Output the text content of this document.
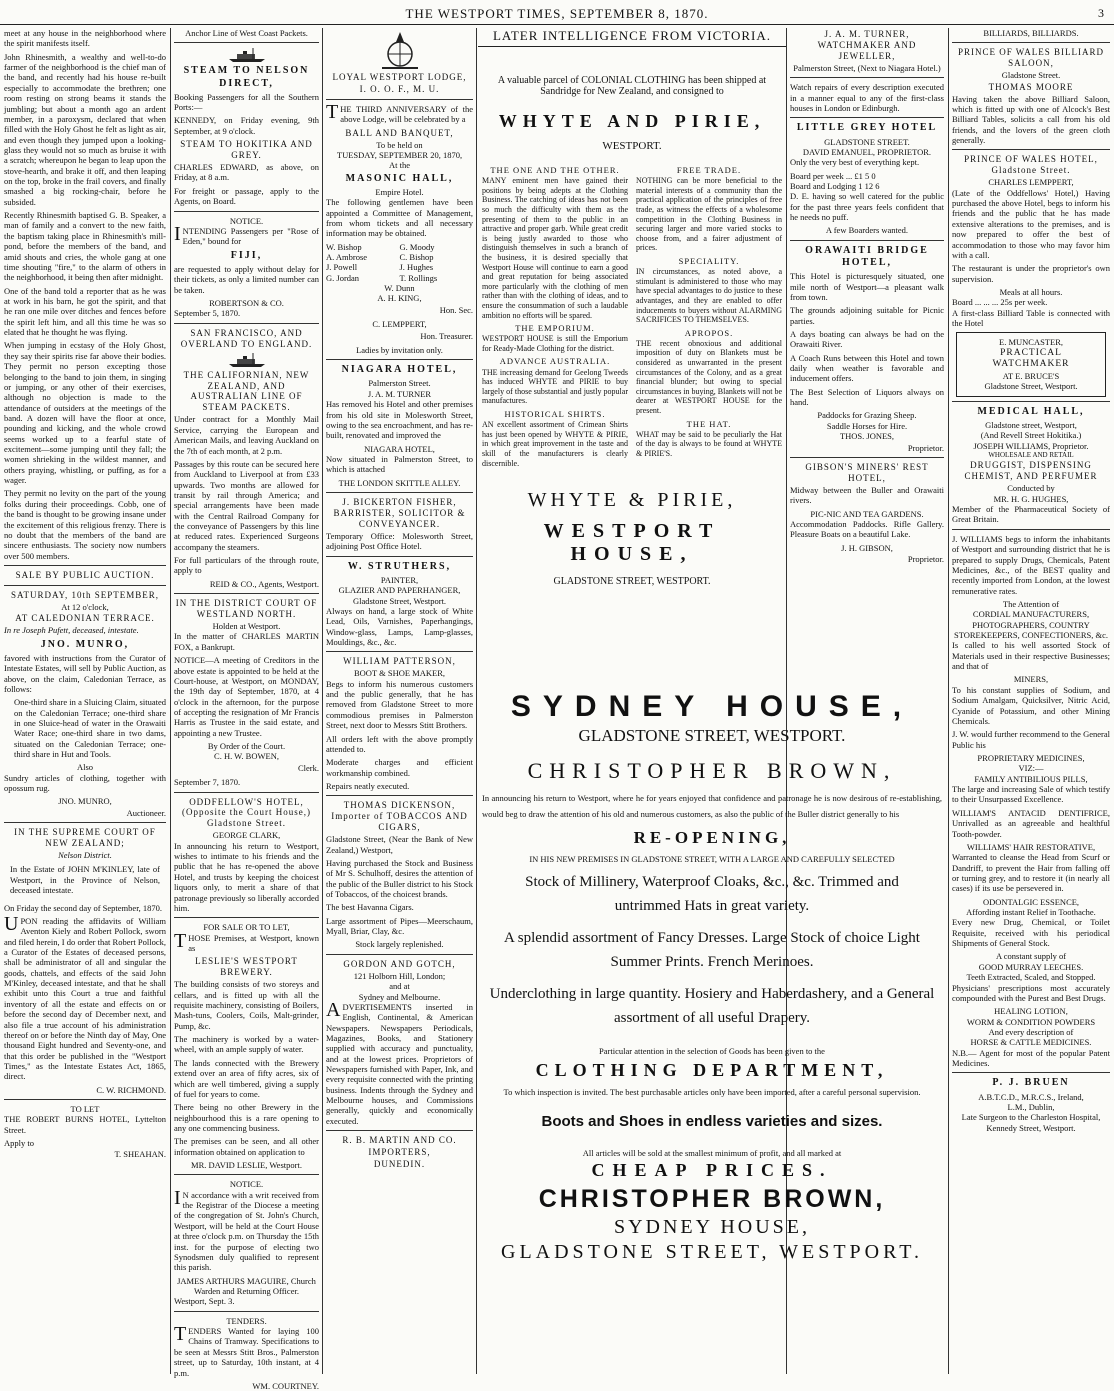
THE WESTPORT TIMES, SEPTEMBER 8, 1870.	3

meet at any house in the neighborhood where the spirit manifests itself.

John Rhinesmith, a wealthy and well-to-do farmer of the neighborhood is the chief man of the band, and recently had his house re-built especially to accommodate the brethren; one room resting on strong beams it stands the jumbling; but about a month ago an ardent member, in a paroxysm, declared that when filled with the Holy Ghost he felt as light as air, and even though they jumped upon a looking-glass they would not so much as bruise it with a scratch; whereupon he began to leap upon the stove-hearth, and brake it off, and then leaping on the top, broke in the frail covers, and finally smashed a big rocking-chair, before he subsided.

Recently Rhinesmith baptised G. B. Speaker, a man of family and a convert to the new faith, the baptism taking place in Rhinesmith's mill-pond, before the members of the band, and amid shouts and cries, the whole gang at one time shouting "fire," to the alarm of others in the neighborhood, it being then after midnight.

One of the band told a reporter that as he was at work in his barn, he got the spirit, and that he ran one mile over ditches and fences before the spirit left him, and all this time he was so elated that he thought he was flying.

When jumping in ecstasy of the Holy Ghost, they say their spirits rise far above their bodies. They permit no person excepting those belonging to the band to join them, in singing or jumping, or any other of their exercises, although no objection is made to the attendance of outsiders at the meetings of the band. A dozen will have the floor at once, pounding and kicking, and the whole crowd seems worked up to a fearful state of excitement—some jumping until they fall; the women shrieking in the wildest manner, and others praying, whistling, or puffing, as for a wager.

They permit no levity on the part of the young folks during their proceedings. Cobb, one of the band is thought to be growing insane under the excitement of this religious frenzy. There is no doubt that the members of the band are sincere enthusiasts. The society now numbers over 500 members.

SALE BY PUBLIC AUCTION.
SATURDAY, 10th SEPTEMBER,
At 12 o'clock,
AT CALEDONIAN TERRACE.

In re Joseph Pufett, deceased, intestate.

JNO. MUNRO,

favored with instructions from the Curator of Intestate Estates, will sell by Public Auction, as above, on the claim, Caledonian Terrace, as follows:

One-third share in a Sluicing Claim, situated on the Caledonian Terrace; one-third share in one Sluice-head of water in the Orawaiti Water Race; one-third share in two dams, situated on the Caledonian Terrace; one-third share in Hut and Tools.

Also

Sundry articles of clothing, together with opossum rug.

JNO. MUNRO,
Auctioneer.
IN THE SUPREME COURT OF NEW ZEALAND;
Nelson District.

In the Estate of JOHN M'KINLEY, late of Westport, in the Province of Nelson, deceased intestate.

On Friday the second day of September, 1870.

UPON reading the affidavits of William Aventon Kiely and Robert Pollock, sworn and filed herein, I do order that Robert Pollock, a Curator of the Estates of deceased persons, shall be administrator of all and singular the goods, chattels, and effects of the said John M'Kinley, deceased intestate, and that he shall exhibit unto this Court a true and faithful inventory of all the estate and effects on or before the second day of December next, and also file a true account of his administration thereof on or before the Ninth day of May, One thousand Eight hundred and Seventy-one, and that this order be published in the "Westport Times," as the Intestate Estates Act, 1865, direct.

C. W. RICHMOND.
TO LET

THE ROBERT BURNS HOTEL, Lyttelton Street.

Apply to
T. SHEAHAN.
Anchor Line of West Coast Packets.
STEAM TO NELSON DIRECT,

Booking Passengers for all the Southern Ports:—

KENNEDY, on Friday evening, 9th September, at 9 o'clock.

STEAM TO HOKITIKA AND GREY.

CHARLES EDWARD, as above, on Friday, at 8 a.m.

For freight or passage, apply to the Agents, on Board.

NOTICE.

INTENDING Passengers per "Rose of Eden," bound for

FIJI,

are requested to apply without delay for their tickets, as only a limited number can be taken.

ROBERTSON & CO.
September 5, 1870.
SAN FRANCISCO, AND OVERLAND TO ENGLAND.
THE CALIFORNIAN, NEW ZEALAND, AND AUSTRALIAN LINE OF STEAM PACKETS.

Under contract for a Monthly Mail Service, carrying the European and American Mails, and leaving Auckland on the 7th of each month, at 2 p.m.

Passages by this route can be secured here from Auckland to Liverpool at from £33 upwards. Two months are allowed for transit by rail through America; and special arrangements have been made with the Central Railroad Company for the conveyance of Passengers by this line at reduced rates. Experienced Surgeons accompany the steamers.

For full particulars of the through route, apply to

REID & CO., Agents, Westport.
IN THE DISTRICT COURT OF WESTLAND NORTH.
Holden at Westport.

In the matter of CHARLES MARTIN FOX, a Bankrupt.

NOTICE—A meeting of Creditors in the above estate is appointed to be held at the Court-house, at Westport, on MONDAY, the 19th day of September, 1870, at 4 o'clock in the afternoon, for the purpose of accepting the resignation of Mr Francis Harris as Trustee in the said estate, and appointing a new Trustee.

By Order of the Court.
C. H. W. BOWEN,
Clerk.
September 7, 1870.
ODDFELLOW'S HOTEL, (Opposite the Court House,) Gladstone Street.
GEORGE CLARK,

In announcing his return to Westport, wishes to intimate to his friends and the public that he has re-opened the above Hotel, and trusts by keeping the choicest liquors only, to merit a share of that patronage previously so liberally accorded him.

FOR SALE OR TO LET,

THOSE Premises, at Westport, known as

LESLIE'S WESTPORT BREWERY.

The building consists of two storeys and cellars, and is fitted up with all the requisite machinery, consisting of Boilers, Mash-tuns, Coolers, Coils, Malt-grinder, Pump, &c.

The machinery is worked by a water-wheel, with an ample supply of water.

The lands connected with the Brewery extend over an area of fifty acres, six of which are well timbered, giving a supply of fuel for years to come.

There being no other Brewery in the neighbourhood this is a rare opening to any one commencing business.

The premises can be seen, and all other information obtained on application to

MR. DAVID LESLIE, Westport.
NOTICE.

IN accordance with a writ received from the Registrar of the Diocese a meeting of the congregation of St. John's Church, Westport, will be held at the Court House at three o'clock p.m. on Thursday the 15th inst. for the purpose of electing two Synodsmen duly qualified to represent this parish.

JAMES ARTHURS MAGUIRE, Church Warden and Returning Officer.
Westport, Sept. 3.
TENDERS.

TENDERS Wanted for laying 100 Chains of Tramway. Specifications to be seen at Messrs Stitt Bros., Palmerston street, up to Saturday, 10th instant, at 4 p.m.

WM. COURTNEY.
LOYAL WESTPORT LODGE,
I. O. O. F., M. U.

THE THIRD ANNIVERSARY of the above Lodge, will be celebrated by a

BALL AND BANQUET,
To be held on
TUESDAY, SEPTEMBER 20, 1870,
At the
MASONIC HALL,
Empire Hotel.

The following gentlemen have been appointed a Committee of Management, from whom tickets and all necessary information may be obtained.

W. Bishop	G. Moody
A. Ambrose	C. Bishop
J. Powell	J. Hughes
G. Jordan	T. Rollings
W. Dunn
A. H. KING,
Hon. Sec.
C. LEMPPERT,
Hon. Treasurer.
Ladies by invitation only.
NIAGARA HOTEL,
Palmerston Street.
J. A. M. TURNER

Has removed his Hotel and other premises from his old site in Molesworth Street, owing to the sea encroachment, and has re-built, renovated and improved the

NIAGARA HOTEL,

Now situated in Palmerston Street, to which is attached

THE LONDON SKITTLE ALLEY.
J. BICKERTON FISHER, BARRISTER, SOLICITOR & CONVEYANCER.

Temporary Office: Molesworth Street, adjoining Post Office Hotel.

W. STRUTHERS,
PAINTER,
GLAZIER AND PAPERHANGER,
Gladstone Street, Westport.

Always on hand, a large stock of White Lead, Oils, Varnishes, Paperhangings, Window-glass, Lamps, Lamp-glasses, Mouldings, &c., &c.

WILLIAM PATTERSON,
BOOT & SHOE MAKER,

Begs to inform his numerous customers and the public generally, that he has removed from Gladstone Street to more commodious premises in Palmerston Street, next door to Messrs Stitt Brothers.

All orders left with the above promptly attended to.

Moderate charges and efficient workmanship combined.

Repairs neatly executed.

THOMAS DICKENSON, Importer of TOBACCOS AND CIGARS,

Gladstone Street, (Near the Bank of New Zealand,) Westport,

Having purchased the Stock and Business of Mr S. Schulhoff, desires the attention of the public of the Buller district to his Stock of Tobaccos, of the choicest brands.

The best Havanna Cigars.

Large assortment of Pipes—Meerschaum, Myall, Briar, Clay, &c.

Stock largely replenished.
GORDON AND GOTCH,
121 Holborn Hill, London;
and at
Sydney and Melbourne.

ADVERTISEMENTS inserted in English, Continental, & American Newspapers. Newspapers Periodicals, Magazines, Books, and Stationery supplied with accuracy and punctuality, and at the lowest prices. Proprietors of Newspapers furnished with Paper, Ink, and every requisite connected with the printing business. Indents through the Sydney and Melbourne houses, and Commissions generally, quickly and economically executed.

R. B. MARTIN AND CO.
IMPORTERS,
DUNEDIN.
LATER INTELLIGENCE FROM VICTORIA.
A valuable parcel of COLONIAL CLOTHING has been shipped at Sandridge for New Zealand, and consigned to
WHYTE AND PIRIE,
WESTPORT.
THE ONE AND THE OTHER.

MANY eminent men have gained their positions by being adepts at the Clothing Business. The catching of ideas has not been so much the difficulty with them as the presenting of them to the public in an attractive and proper garb. While great credit is being justly awarded to those who distinguish themselves in such a branch of the business, it is desired specially that Westport House will continue to earn a good and great reputation for being associated more particularly with the clothing of men rather than with the clothing of ideas, and to ensure the consummation of such a laudable ambition no efforts will be spared.

THE EMPORIUM.

WESTPORT HOUSE is still the Emporium for Ready-Made Clothing for the district.

ADVANCE AUSTRALIA.

THE increasing demand for Geelong Tweeds has induced WHYTE and PIRIE to buy largely of those substantial and justly popular manufactures.

HISTORICAL SHIRTS.

AN excellent assortment of Crimean Shirts has just been opened by WHYTE & PIRIE, in which great improvement in the taste and skill of the manufacturers is clearly discernible.

FREE TRADE.

NOTHING can be more beneficial to the material interests of a community than the practical application of the principles of free trade, as witness the effects of a wholesome competition in the Clothing Business in securing larger and more varied stocks to choose from, and a fairer adjustment of prices.

SPECIALITY.

IN circumstances, as noted above, a stimulant is administered to those who may have special advantages to do justice to these advantages, and they are enabled to offer inducements to buyers without ALARMING SACRIFICES TO THEMSELVES.

APROPOS.

THE recent obnoxious and additional imposition of duty on Blankets must be considered as unwarranted in the present circumstances of the Colony, and as a great financial blunder; but owing to special circumstances in buying, Blankets will not be dearer at WESTPORT HOUSE for the present.

THE HAT.

WHAT may be said to be peculiarly the Hat of the day is always to be found at WHYTE & PIRIE'S.

WHYTE & PIRIE,
WESTPORT HOUSE,
GLADSTONE STREET, WESTPORT.
SYDNEY HOUSE,
GLADSTONE STREET, WESTPORT.
CHRISTOPHER BROWN,

In announcing his return to Westport, where he for years enjoyed that confidence and patronage he is now desirous of re-establishing, would beg to draw the attention of his old and numerous customers, as also the public of the Buller district generally to his

RE-OPENING,
IN HIS NEW PREMISES IN GLADSTONE STREET, WITH A LARGE AND CAREFULLY SELECTED
Stock of Millinery, Waterproof Cloaks, &c., &c. Trimmed and untrimmed Hats in great variety.
A splendid assortment of Fancy Dresses. Large Stock of choice Light Summer Prints. French Merinoes.
Underclothing in large quantity. Hosiery and Haberdashery, and a General assortment of all useful Drapery.
Particular attention in the selection of Goods has been given to the
CLOTHING DEPARTMENT,
To which inspection is invited. The best purchasable articles only have been imported, after a careful personal supervision.
Boots and Shoes in endless varieties and sizes.
All articles will be sold at the smallest minimum of profit, and all marked at
CHEAP PRICES.
CHRISTOPHER BROWN,
SYDNEY HOUSE,
GLADSTONE STREET, WESTPORT.
J. A. M. TURNER, WATCHMAKER AND JEWELLER,
Palmerston Street, (Next to Niagara Hotel.)

Watch repairs of every description executed in a manner equal to any of the first-class houses in London or Edinburgh.

LITTLE GREY HOTEL
GLADSTONE STREET.
DAVID EMANUEL, PROPRIETOR.

Only the very best of everything kept.

Board per week ... £1 5 0
Board and Lodging 1 12 6

D. E. having so well catered for the public for the past three years feels confident that he needs no puff.

A few Boarders wanted.
ORAWAITI BRIDGE HOTEL,

This Hotel is picturesquely situated, one mile north of Westport—a pleasant walk from town.

The grounds adjoining suitable for Picnic parties.

A days boating can always be had on the Orawaiti River.

A Coach Runs between this Hotel and town daily when weather is favorable and inducement offers.

The Best Selection of Liquors always on hand.

Paddocks for Grazing Sheep.
Saddle Horses for Hire.
THOS. JONES,
Proprietor.
GIBSON'S MINERS' REST HOTEL,

Midway between the Buller and Orawaiti rivers.

PIC-NIC AND TEA GARDENS.

Accommodation Paddocks. Rifle Gallery. Pleasure Boats on a beautiful Lake.

J. H. GIBSON,
Proprietor.
BILLIARDS, BILLIARDS.
PRINCE OF WALES BILLIARD SALOON,
Gladstone Street.
THOMAS MOORE

Having taken the above Billiard Saloon, which is fitted up with one of Alcock's Best Billiard Tables, solicits a call from his old friends, and the lovers of the green cloth generally.

PRINCE OF WALES HOTEL, Gladstone Street.
CHARLES LEMPPERT,

(Late of the Oddfellows' Hotel,) Having purchased the above Hotel, begs to inform his friends and the public that he has made extensive alterations to the premises, and is now prepared to offer the best of accommodation to those who may favor him with a call.

The restaurant is under the proprietor's own supervision.

Meals at all hours.
Board ... ... ... 25s per week.

A first-class Billiard Table is connected with the Hotel

E. MUNCASTER,
PRACTICAL WATCHMAKER
AT E. BRUCE'S
Gladstone Street, Westport.
MEDICAL HALL,
Gladstone street, Westport,
(And Revell Street Hokitika.)
JOSEPH WILLIAMS, Proprietor.
WHOLESALE AND RETAIL
DRUGGIST, DISPENSING CHEMIST, AND PERFUMER
Conducted by
MR. H. G. HUGHES,

Member of the Pharmaceutical Society of Great Britain.

J. WILLIAMS begs to inform the inhabitants of Westport and surrounding district that he is prepared to supply Drugs, Chemicals, Patent Medicines, &c., of the BEST quality and recently imported from London, at the lowest remunerative rates.

The Attention of
CORDIAL MANUFACTURERS, PHOTOGRAPHERS, COUNTRY STOREKEEPERS, CONFECTIONERS, &c.

Is called to his well assorted Stock of Materials used in their respective Businesses; and that of

MINERS,

To his constant supplies of Sodium, and Sodium Amalgam, Quicksilver, Nitric Acid, Cyanide of Potassium, and other Mining Chemicals.

J. W. would further recommend to the General Public his

PROPRIETARY MEDICINES,
VIZ:—
FAMILY ANTIBILIOUS PILLS,

The large and increasing Sale of which testify to their Unsurpassed Excellence.

WILLIAM'S ANTACID DENTIFRICE, Unrivalled as an agreeable and healthful Tooth-powder.

WILLIAMS' HAIR RESTORATIVE,

Warranted to cleanse the Head from Scurf or Dandriff, to prevent the Hair from falling off or turning grey, and to restore it (in nearly all cases) if its use be persevered in.

ODONTALGIC ESSENCE,
Affording instant Relief in Toothache.

Every new Drug, Chemical, or Toilet Requisite, received with his periodical Shipments of General Stock.

A constant supply of
GOOD MURRAY LEECHES.
Teeth Extracted, Scaled, and Stopped.

Physicians' prescriptions most accurately compounded with the Purest and Best Drugs.

HEALING LOTION,
WORM & CONDITION POWDERS
And every description of
HORSE & CATTLE MEDICINES.

N.B.— Agent for most of the popular Patent Medicines.

P. J. BRUEN
A.B.T.C.D., M.R.C.S., Ireland,
L.M., Dublin,
Late Surgeon to the Charleston Hospital,
Kennedy Street, Westport.
